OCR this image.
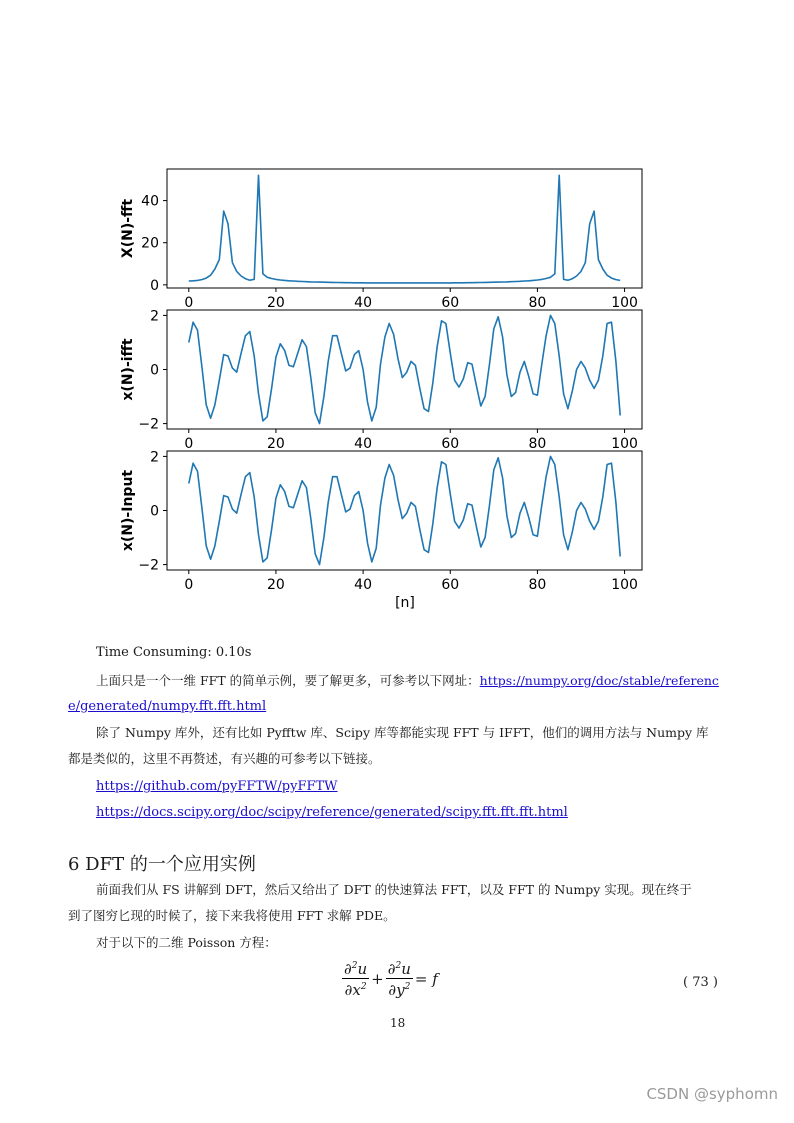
0	20	40	60	80	100
0
20
40
X(N)-fft
0	20	40	60	80	100
−2
0
2
x(N)-ifft
0	20	40	60	80	100
−2
0
2
x(N)-Input
[n]
Time Consuming: 0.10s
上面只是一个一维 FFT 的简单示例，要了解更多，可参考以下网址：https://numpy.org/doc/stable/referenc
e/generated/numpy.fft.fft.html
除了 Numpy 库外，还有比如 Pyfftw 库、Scipy 库等都能实现 FFT 与 IFFT，他们的调用方法与 Numpy 库
都是类似的，这里不再赘述，有兴趣的可参考以下链接。
https://github.com/pyFFTW/pyFFTW
https://docs.scipy.org/doc/scipy/reference/generated/scipy.fft.fft.fft.html
6 DFT 的一个应用实例
前面我们从 FS 讲解到 DFT，然后又给出了 DFT 的快速算法 FFT，以及 FFT 的 Numpy 实现。现在终于
到了图穷匕现的时候了，接下来我将使用 FFT 求解 PDE。
对于以下的二维 Poisson 方程：
$\frac{\partial^2u}{\partial x^2} + \frac{\partial^2u}{\partial y^2} = f$	( 73 )
18
CSDN @syphomn
